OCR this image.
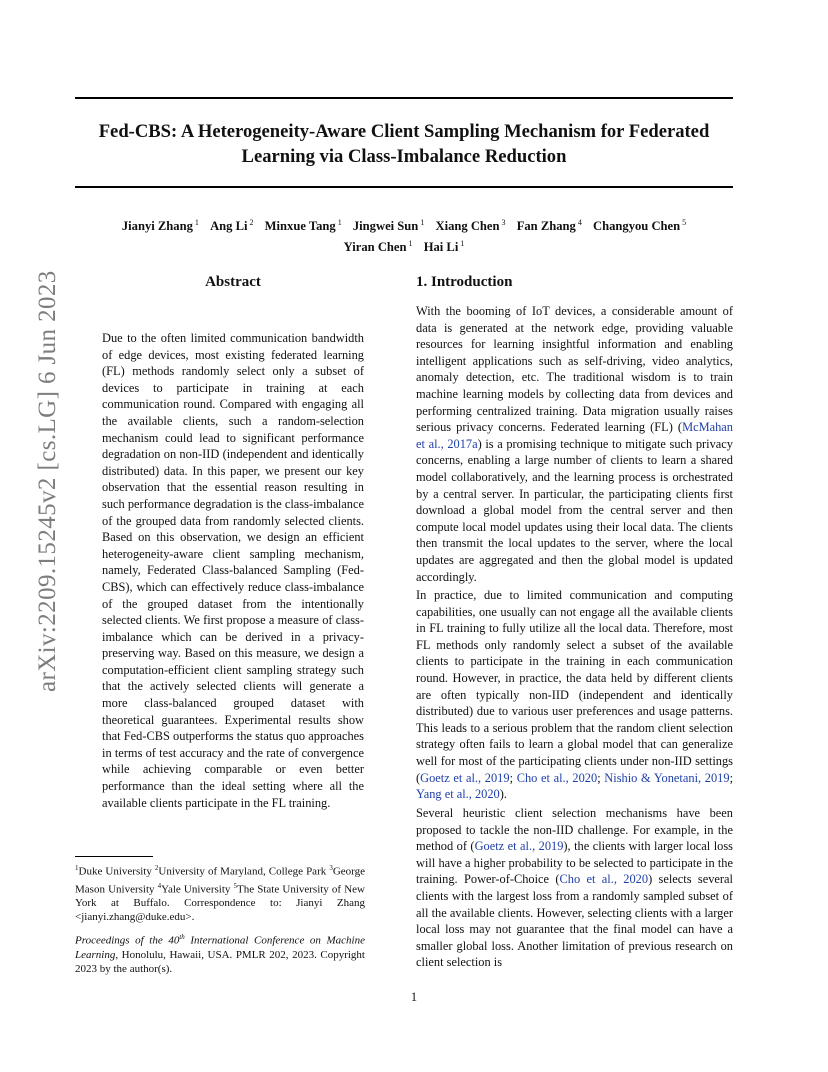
Fed-CBS: A Heterogeneity-Aware Client Sampling Mechanism for Federated Learning via Class-Imbalance Reduction
Jianyi Zhang $^1$ Ang Li $^2$ Minxue Tang $^1$ Jingwei Sun $^1$ Xiang Chen $^3$ Fan Zhang $^4$ Changyou Chen $^5$
Yiran Chen $^1$ Hai Li $^1$
arXiv:2209.15245v2 [cs.LG] 6 Jun 2023	Abstract
Due to the often limited communication bandwidth of edge devices, most existing federated learning (FL) methods randomly select only a subset of devices to participate in training at each communication round. Compared with engaging all the available clients, such a random-selection mechanism could lead to significant performance degradation on non-IID (independent and identically distributed) data. In this paper, we present our key observation that the essential reason resulting in such performance degradation is the class-imbalance of the grouped data from randomly selected clients. Based on this observation, we design an efficient heterogeneity-aware client sampling mechanism, namely, Federated Class-balanced Sampling (Fed-CBS), which can effectively reduce class-imbalance of the grouped dataset from the intentionally selected clients. We first propose a measure of class-imbalance which can be derived in a privacy-preserving way. Based on this measure, we design a computation-efficient client sampling strategy such that the actively selected clients will generate a more class-balanced grouped dataset with theoretical guarantees. Experimental results show that Fed-CBS outperforms the status quo approaches in terms of test accuracy and the rate of convergence while achieving comparable or even better performance than the ideal setting where all the available clients participate in the FL training.
1. Introduction

With the booming of IoT devices, a considerable amount of data is generated at the network edge, providing valuable resources for learning insightful information and enabling intelligent applications such as self-driving, video analytics, anomaly detection, etc. The traditional wisdom is to train machine learning models by collecting data from devices and performing centralized training. Data migration usually raises serious privacy concerns. Federated learning (FL) (McMahan et al., 2017a) is a promising technique to mitigate such privacy concerns, enabling a large number of clients to learn a shared model collaboratively, and the learning process is orchestrated by a central server. In particular, the participating clients first download a global model from the central server and then compute local model updates using their local data. The clients then transmit the local updates to the server, where the local updates are aggregated and then the global model is updated accordingly.

In practice, due to limited communication and computing capabilities, one usually can not engage all the available clients in FL training to fully utilize all the local data. Therefore, most FL methods only randomly select a subset of the available clients to participate in the training in each communication round. However, in practice, the data held by different clients are often typically non-IID (independent and identically distributed) due to various user preferences and usage patterns. This leads to a serious problem that the random client selection strategy often fails to learn a global model that can generalize well for most of the participating clients under non-IID settings (Goetz et al., 2019; Cho et al., 2020; Nishio & Yonetani, 2019; Yang et al., 2020).

Several heuristic client selection mechanisms have been proposed to tackle the non-IID challenge. For example, in the method of (Goetz et al., 2019), the clients with larger local loss will have a higher probability to be selected to participate in the training. Power-of-Choice (Cho et al., 2020) selects several clients with the largest loss from a randomly sampled subset of all the available clients. However, selecting clients with a larger local loss may not guarantee that the final model can have a smaller global loss. Another limitation of previous research on client selection is

$^1$Duke University $^2$University of Maryland, College Park $^3$George Mason University $^4$Yale University $^5$The State University of New York at Buffalo. Correspondence to: Jianyi Zhang <jianyi.zhang@duke.edu>.
Proceedings of the 40th International Conference on Machine Learning, Honolulu, Hawaii, USA. PMLR 202, 2023. Copyright 2023 by the author(s).
1
